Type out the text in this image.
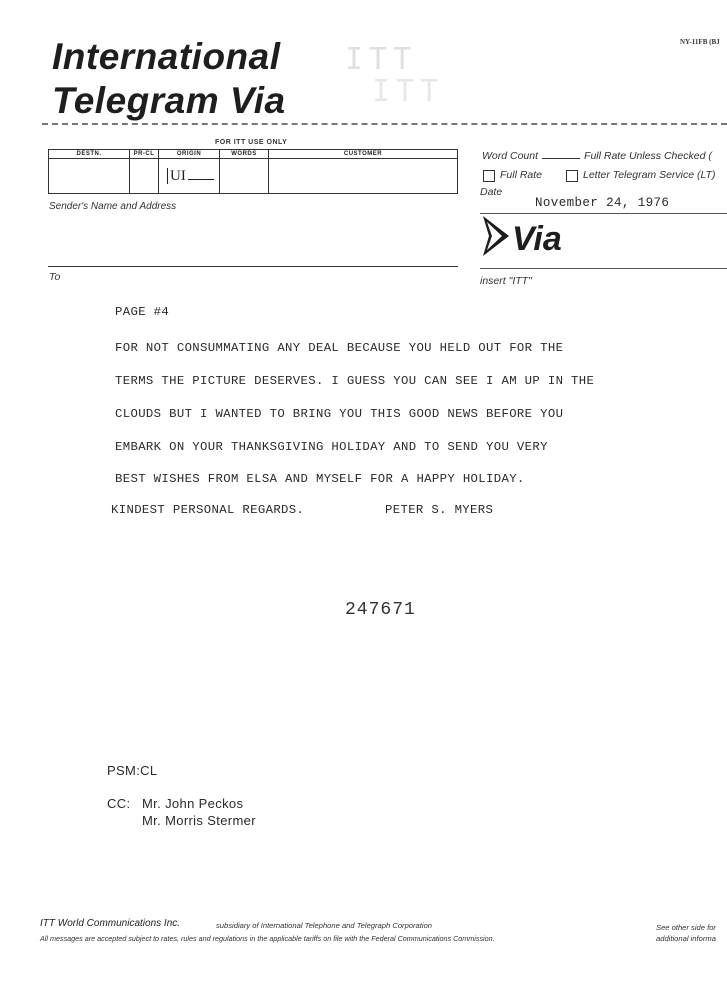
International
Telegram Via
NY-11FB (BJ
ITT
ITT
FOR ITT USE ONLY
DESTN.	PR-CL	ORIGIN	WORDS	CUSTOMER
		UI		
Word Count	Full Rate Unless Checked (
Full Rate	Letter Telegram Service (LT)
Date
November 24, 1976
Via
insert "ITT"
Sender's Name and Address
To
PAGE #4
FOR NOT CONSUMMATING ANY DEAL BECAUSE YOU HELD OUT FOR THE
TERMS THE PICTURE DESERVES. I GUESS YOU CAN SEE I AM UP IN THE
CLOUDS BUT I WANTED TO BRING YOU THIS GOOD NEWS BEFORE YOU
EMBARK ON YOUR THANKSGIVING HOLIDAY AND TO SEND YOU VERY
BEST WISHES FROM ELSA AND MYSELF FOR A HAPPY HOLIDAY.
KINDEST PERSONAL REGARDS.	PETER S. MYERS
247671
PSM:CL
CC: Mr. John Peckos
Mr. Morris Stermer
ITT World Communications Inc.	subsidiary of International Telephone and Telegraph Corporation
All messages are accepted subject to rates, rules and regulations in the applicable tariffs on file with the Federal Communications Commission.
See other side for
additional informa
